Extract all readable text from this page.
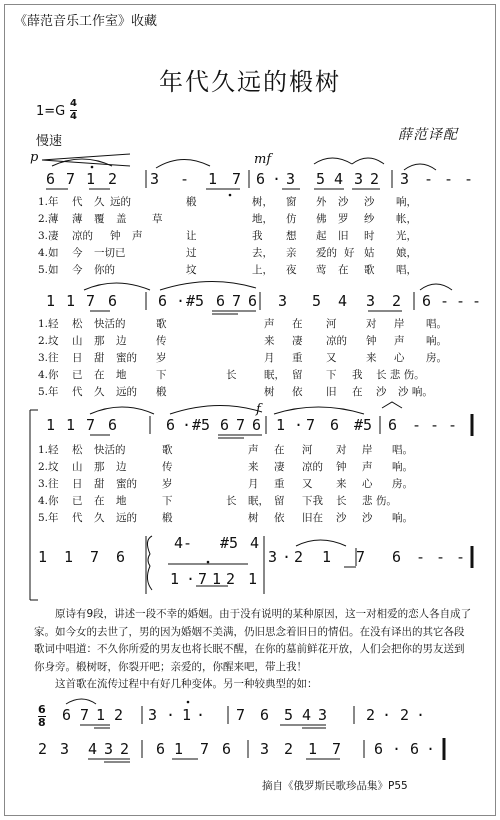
《薛范音乐工作室》收藏
年代久远的椴树
1=G
4
4
慢速	薛范译配
p	mf
f
6 7 1 2 3 - 1 7 6 · 3 5 4 3 2 3 - - -
1.年 代 久 远的	椴	树， 窗 外 沙 沙 响，
2.薄 薄 覆 盖 草	地， 仿 佛 罗 纱 帐，
3.凄 凉的 钟 声	让	我 想 起 旧 时 光，
4.如 今 一切已	过	去， 亲 爱的 好 姑 娘，
5.如 今 你的	坟	上， 夜 莺 在 歌 唱，
1 1 7 6	6 · #5 6 7 6 3 5 4 3 2 6 - - -
1.轻 松 快活的	歌	声 在 河	对 岸 唱。
2.坟 山 那 边	传	来 凄 凉的 钟 声 响。
3.往 日 甜 蜜的 岁	月 重 又	来 心 房。
4.你 已 在 地	下	长	眠， 留 下 我 长 悲 伤。
5.年 代 久 远的 椴	树 依 旧 在 沙 沙 响。
1 1 7 6	6 · #5 6 7 6 1 · 7 6 #5 6 - - -
1.轻 松 快活的	歌	声 在 河 对 岸 唱。
2.坟 山 那 边	传	来 凄 凉的 钟 声 响。
3.往 日 甜 蜜的 岁	月 重 又 来 心 房。
4.你 已 在 地	下	长 眠， 留 下我 长 悲 伤。
5.年 代 久 远的 椴	树 依 旧在 沙 沙 响。
1 1 7 6
4- #5 4
3 · 2 1 7 6 - - -
1 · 7 1 2 1
原诗有9段，讲述一段不幸的婚姻。由于没有说明的某种原因，这一对相爱的恋人各自成了家。如今女的去世了，男的因为婚姻不美满，仍旧思念着旧日的情侣。在没有译出的其它各段歌词中唱道：不久你所爱的男友也将长眠不醒，在你的墓前鲜花开放，人们会把你的男友送到你身旁。椴树呀，你裂开吧；亲爱的，你醒来吧，带上我！
这首歌在流传过程中有好几种变体。另一种较典型的如：
6
8 6 7 1 2 3 · 1 · 7 6 5 4 3	2 · 2 ·
2 3 4 3 2 6 1 7 6 3 2 1 7 6 · 6 ·
摘自《俄罗斯民歌珍品集》P55
